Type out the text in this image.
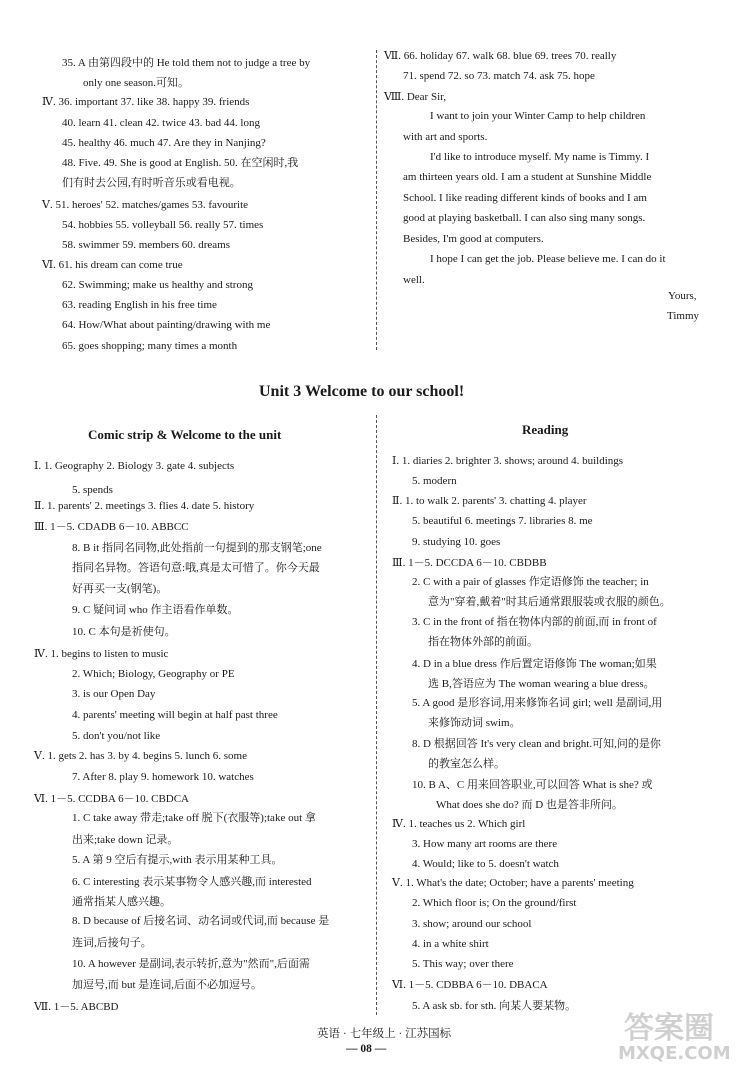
35. A 由第四段中的 He told them not to judge a tree by
only one season.可知。
Ⅳ. 36. important 37. like 38. happy 39. friends
40. learn 41. clean 42. twice 43. bad 44. long
45. healthy 46. much 47. Are they in Nanjing?
48. Five. 49. She is good at English. 50. 在空闲时,我
们有时去公园,有时听音乐或看电视。
Ⅴ. 51. heroes' 52. matches/games 53. favourite
54. hobbies 55. volleyball 56. really 57. times
58. swimmer 59. members 60. dreams
Ⅵ. 61. his dream can come true
62. Swimming; make us healthy and strong
63. reading English in his free time
64. How/What about painting/drawing with me
65. goes shopping; many times a month
Ⅶ. 66. holiday 67. walk 68. blue 69. trees 70. really
71. spend 72. so 73. match 74. ask 75. hope
Ⅷ. Dear Sir,
I want to join your Winter Camp to help children
with art and sports.
I'd like to introduce myself. My name is Timmy. I
am thirteen years old. I am a student at Sunshine Middle
School. I like reading different kinds of books and I am
good at playing basketball. I can also sing many songs.
Besides, I'm good at computers.
I hope I can get the job. Please believe me. I can do it
well.
Yours,
Timmy
Unit 3 Welcome to our school!
Comic strip & Welcome to the unit	Reading
Ⅰ. 1. Geography 2. Biology 3. gate 4. subjects
5. spends
Ⅱ. 1. parents' 2. meetings 3. flies 4. date 5. history
Ⅲ. 1－5. CDADB 6－10. ABBCC
8. B it 指同名同物,此处指前一句提到的那支钢笔;one
指同名异物。答语句意:哦,真是太可惜了。你今天最
好再买一支(钢笔)。
9. C 疑问词 who 作主语看作单数。
10. C 本句是祈使句。
Ⅳ. 1. begins to listen to music
2. Which; Biology, Geography or PE
3. is our Open Day
4. parents' meeting will begin at half past three
5. don't you/not like
Ⅴ. 1. gets 2. has 3. by 4. begins 5. lunch 6. some
7. After 8. play 9. homework 10. watches
Ⅵ. 1－5. CCDBA 6－10. CBDCA
1. C take away 带走;take off 脱下(衣服等);take out 拿
出来;take down 记录。
5. A 第 9 空后有提示,with 表示用某种工具。
6. C interesting 表示某事物令人感兴趣,而 interested
通常指某人感兴趣。
8. D because of 后接名词、动名词或代词,而 because 是
连词,后接句子。
10. A however 是副词,表示转折,意为"然而",后面需
加逗号,而 but 是连词,后面不必加逗号。
Ⅶ. 1－5. ABCBD
Ⅰ. 1. diaries 2. brighter 3. shows; around 4. buildings
5. modern
Ⅱ. 1. to walk 2. parents' 3. chatting 4. player
5. beautiful 6. meetings 7. libraries 8. me
9. studying 10. goes
Ⅲ. 1－5. DCCDA 6－10. CBDBB
2. C with a pair of glasses 作定语修饰 the teacher; in
意为"穿着,戴着"时其后通常跟服装或衣服的颜色。
3. C in the front of 指在物体内部的前面,而 in front of
指在物体外部的前面。
4. D in a blue dress 作后置定语修饰 The woman;如果
选 B,答语应为 The woman wearing a blue dress。
5. A good 是形容词,用来修饰名词 girl; well 是副词,用
来修饰动词 swim。
8. D 根据回答 It's very clean and bright.可知,问的是你
的教室怎么样。
10. B A、C 用来回答职业,可以回答 What is she? 或
What does she do? 而 D 也是答非所问。
Ⅳ. 1. teaches us 2. Which girl
3. How many art rooms are there
4. Would; like to 5. doesn't watch
Ⅴ. 1. What's the date; October; have a parents' meeting
2. Which floor is; On the ground/first
3. show; around our school
4. in a white shirt
5. This way; over there
Ⅵ. 1－5. CDBBA 6－10. DBACA
5. A ask sb. for sth. 向某人要某物。
英语 · 七年级上 · 江苏国标
— 08 —
答案圈
MXQE.COM
